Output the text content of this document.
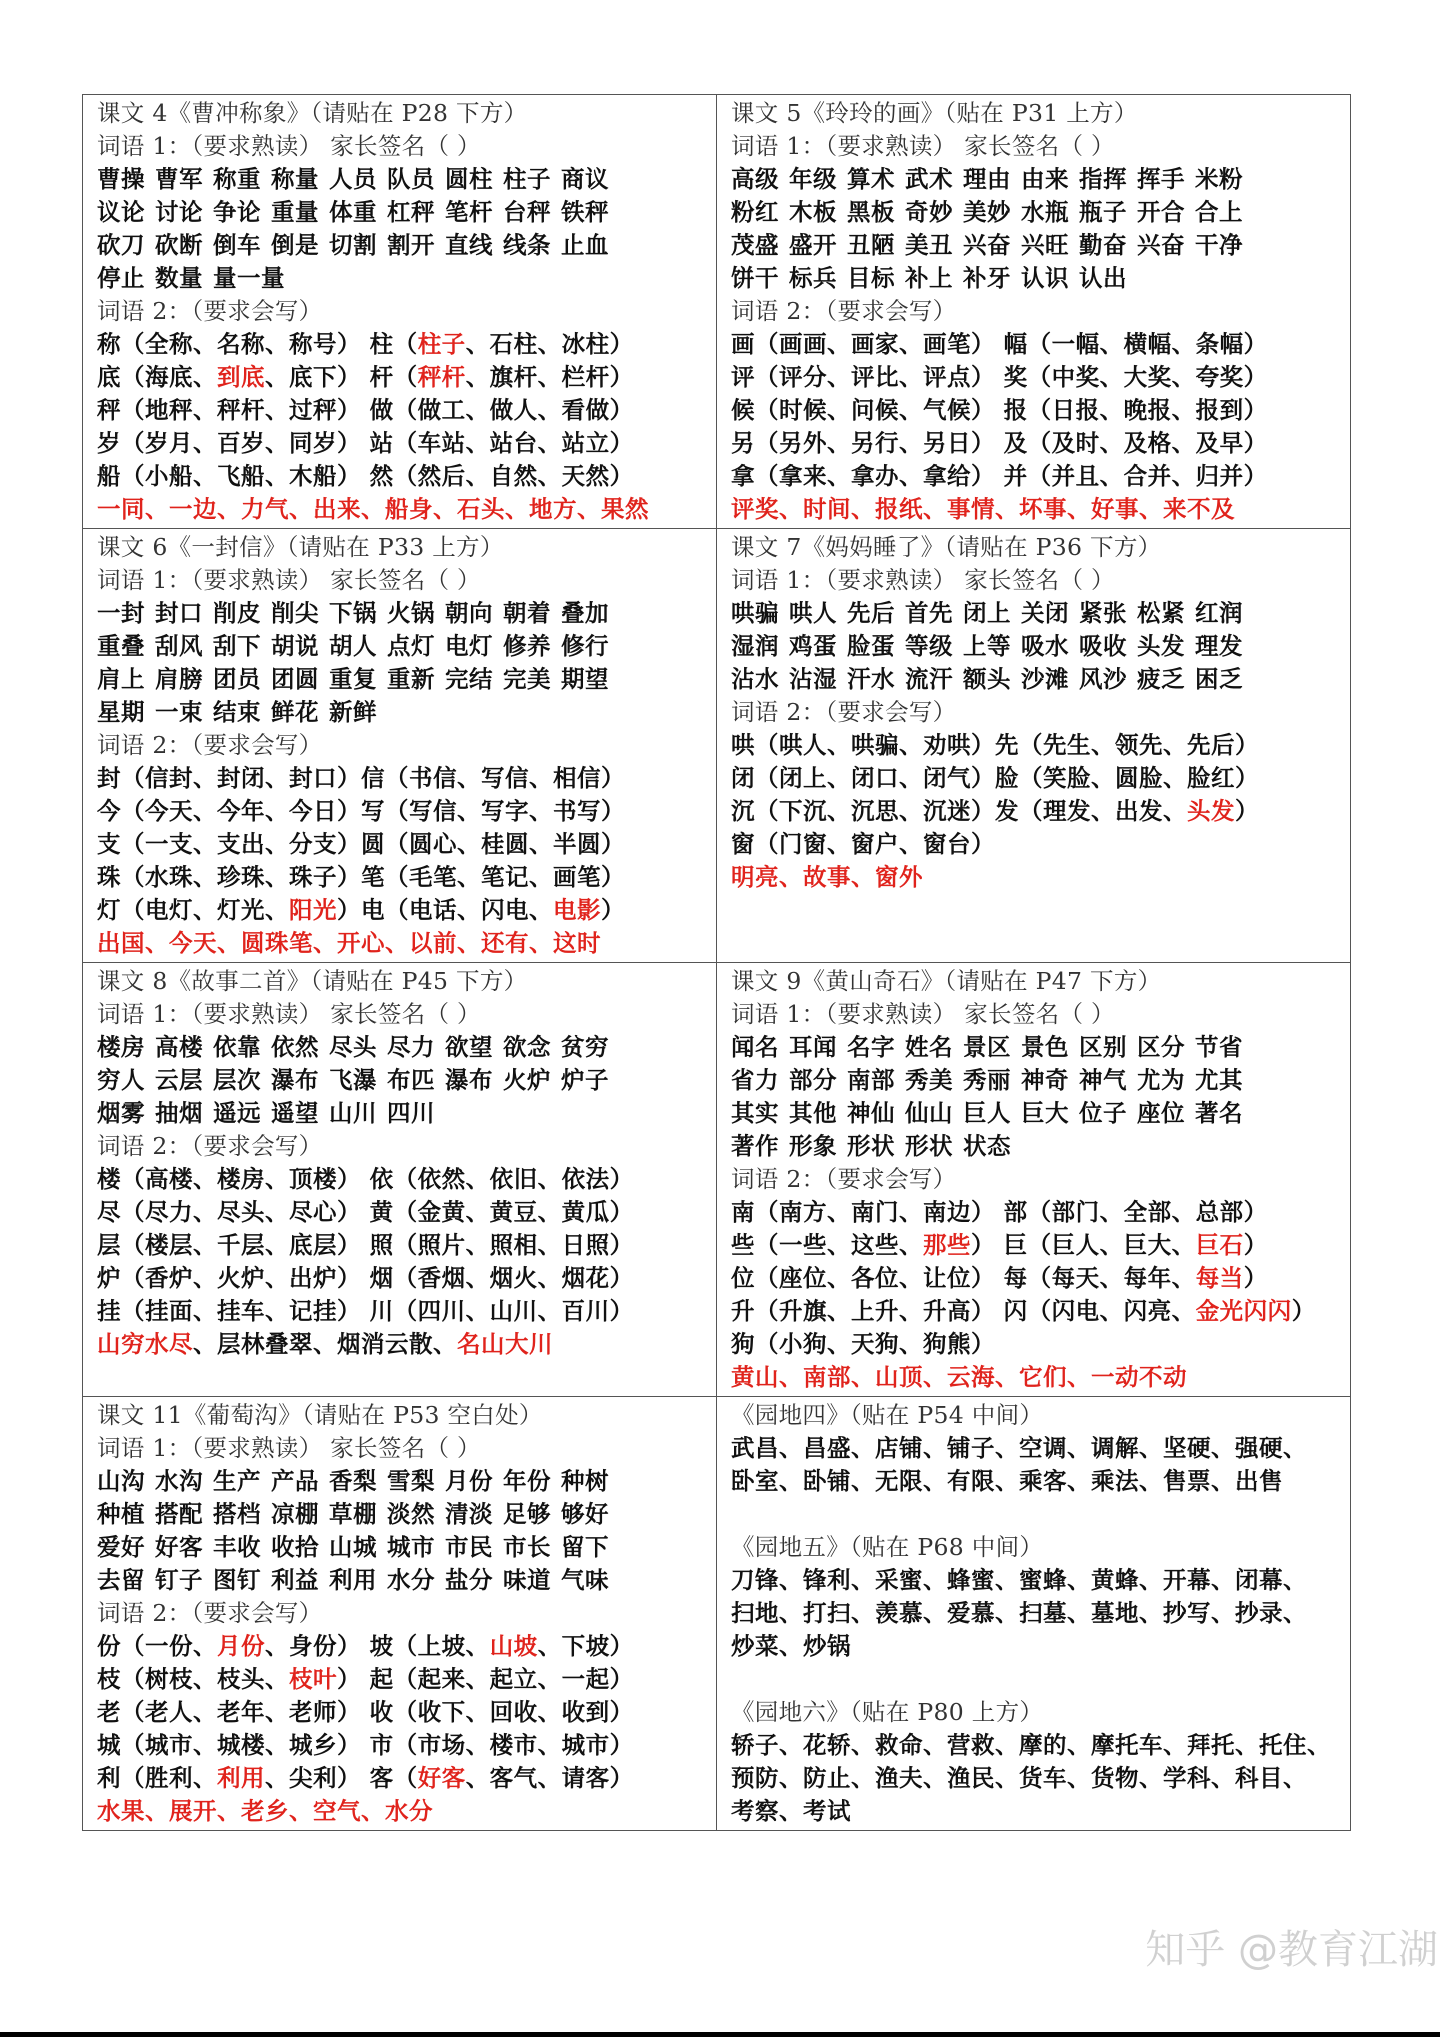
课文 4《曹冲称象》（请贴在 P28 下方）
词语 1：（要求熟读） 家长签名（ ）
曹操 曹军 称重 称量 人员 队员 圆柱 柱子 商议
议论 讨论 争论 重量 体重 杠秤 笔杆 台秤 铁秤
砍刀 砍断 倒车 倒是 切割 割开 直线 线条 止血
停止 数量 量一量
词语 2：（要求会写）
称（全称、名称、称号） 柱（柱子、石柱、冰柱）
底（海底、到底、底下） 杆（秤杆、旗杆、栏杆）
秤（地秤、秤杆、过秤） 做（做工、做人、看做）
岁（岁月、百岁、同岁） 站（车站、站台、站立）
船（小船、飞船、木船） 然（然后、自然、天然）
一同、一边、力气、出来、船身、石头、地方、果然
课文 5《玲玲的画》（贴在 P31 上方）
词语 1：（要求熟读） 家长签名（ ）
高级 年级 算术 武术 理由 由来 指挥 挥手 米粉
粉红 木板 黑板 奇妙 美妙 水瓶 瓶子 开合 合上
茂盛 盛开 丑陋 美丑 兴奋 兴旺 勤奋 兴奋 干净
饼干 标兵 目标 补上 补牙 认识 认出
词语 2：（要求会写）
画（画画、画家、画笔） 幅（一幅、横幅、条幅）
评（评分、评比、评点） 奖（中奖、大奖、夸奖）
候（时候、问候、气候） 报（日报、晚报、报到）
另（另外、另行、另日） 及（及时、及格、及早）
拿（拿来、拿办、拿给） 并（并且、合并、归并）
评奖、时间、报纸、事情、坏事、好事、来不及
课文 6《一封信》（请贴在 P33 上方）
词语 1：（要求熟读） 家长签名（ ）
一封 封口 削皮 削尖 下锅 火锅 朝向 朝着 叠加
重叠 刮风 刮下 胡说 胡人 点灯 电灯 修养 修行
肩上 肩膀 团员 团圆 重复 重新 完结 完美 期望
星期 一束 结束 鲜花 新鲜
词语 2：（要求会写）
封（信封、封闭、封口）信（书信、写信、相信）
今（今天、今年、今日）写（写信、写字、书写）
支（一支、支出、分支）圆（圆心、桂圆、半圆）
珠（水珠、珍珠、珠子）笔（毛笔、笔记、画笔）
灯（电灯、灯光、阳光）电（电话、闪电、电影）
出国、今天、圆珠笔、开心、以前、还有、这时
课文 7《妈妈睡了》（请贴在 P36 下方）
词语 1：（要求熟读） 家长签名（ ）
哄骗 哄人 先后 首先 闭上 关闭 紧张 松紧 红润
湿润 鸡蛋 脸蛋 等级 上等 吸水 吸收 头发 理发
沾水 沾湿 汗水 流汗 额头 沙滩 风沙 疲乏 困乏
词语 2：（要求会写）
哄（哄人、哄骗、劝哄）先（先生、领先、先后）
闭（闭上、闭口、闭气）脸（笑脸、圆脸、脸红）
沉（下沉、沉思、沉迷）发（理发、出发、头发）
窗（门窗、窗户、窗台）
明亮、故事、窗外
课文 8《故事二首》（请贴在 P45 下方）
词语 1：（要求熟读） 家长签名（ ）
楼房 高楼 依靠 依然 尽头 尽力 欲望 欲念 贫穷
穷人 云层 层次 瀑布 飞瀑 布匹 瀑布 火炉 炉子
烟雾 抽烟 遥远 遥望 山川 四川
词语 2：（要求会写）
楼（高楼、楼房、顶楼） 依（依然、依旧、依法）
尽（尽力、尽头、尽心） 黄（金黄、黄豆、黄瓜）
层（楼层、千层、底层） 照（照片、照相、日照）
炉（香炉、火炉、出炉） 烟（香烟、烟火、烟花）
挂（挂面、挂车、记挂） 川（四川、山川、百川）
山穷水尽、层林叠翠、烟消云散、名山大川
课文 9《黄山奇石》（请贴在 P47 下方）
词语 1：（要求熟读） 家长签名（ ）
闻名 耳闻 名字 姓名 景区 景色 区别 区分 节省
省力 部分 南部 秀美 秀丽 神奇 神气 尤为 尤其
其实 其他 神仙 仙山 巨人 巨大 位子 座位 著名
著作 形象 形状 形状 状态
词语 2：（要求会写）
南（南方、南门、南边） 部（部门、全部、总部）
些（一些、这些、那些） 巨（巨人、巨大、巨石）
位（座位、各位、让位） 每（每天、每年、每当）
升（升旗、上升、升高） 闪（闪电、闪亮、金光闪闪）
狗（小狗、天狗、狗熊）
黄山、南部、山顶、云海、它们、一动不动
课文 11《葡萄沟》（请贴在 P53 空白处）
词语 1：（要求熟读） 家长签名（ ）
山沟 水沟 生产 产品 香梨 雪梨 月份 年份 种树
种植 搭配 搭档 凉棚 草棚 淡然 清淡 足够 够好
爱好 好客 丰收 收拾 山城 城市 市民 市长 留下
去留 钉子 图钉 利益 利用 水分 盐分 味道 气味
词语 2：（要求会写）
份（一份、月份、身份） 坡（上坡、山坡、下坡）
枝（树枝、枝头、枝叶） 起（起来、起立、一起）
老（老人、老年、老师） 收（收下、回收、收到）
城（城市、城楼、城乡） 市（市场、楼市、城市）
利（胜利、利用、尖利） 客（好客、客气、请客）
水果、展开、老乡、空气、水分
《园地四》（贴在 P54 中间）
武昌、昌盛、店铺、铺子、空调、调解、坚硬、强硬、
卧室、卧铺、无限、有限、乘客、乘法、售票、出售
《园地五》（贴在 P68 中间）
刀锋、锋利、采蜜、蜂蜜、蜜蜂、黄蜂、开幕、闭幕、
扫地、打扫、羡慕、爱慕、扫墓、墓地、抄写、抄录、
炒菜、炒锅
《园地六》（贴在 P80 上方）
轿子、花轿、救命、营救、摩的、摩托车、拜托、托住、
预防、防止、渔夫、渔民、货车、货物、学科、科目、
考察、考试
知乎 @教育江湖
